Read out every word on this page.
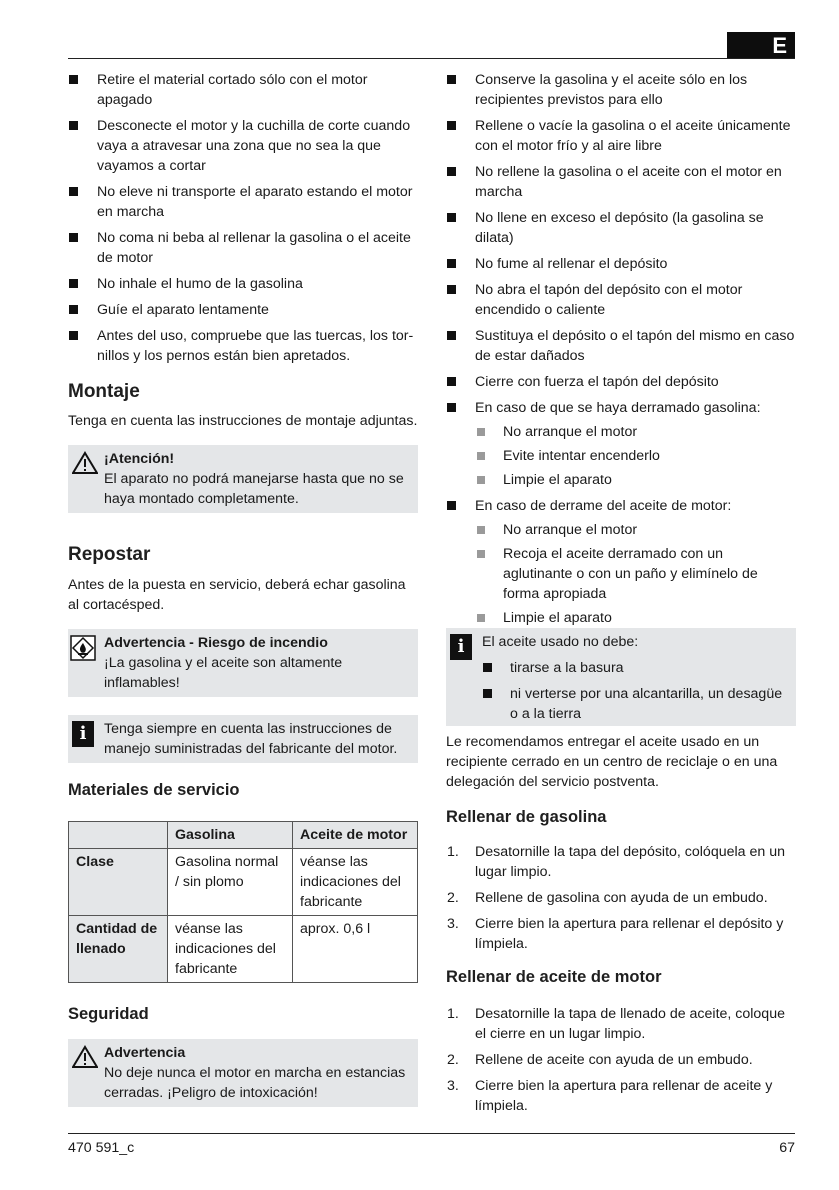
E
Retire el material cortado sólo con el motor apagado
Desconecte el motor y la cuchilla de corte cuando vaya a atravesar una zona que no sea la que vayamos a cortar
No eleve ni transporte el aparato estando el motor en marcha
No coma ni beba al rellenar la gasolina o el aceite de motor
No inhale el humo de la gasolina
Guíe el aparato lentamente
Antes del uso, compruebe que las tuercas, los tor-nillos y los pernos están bien apretados.
Montaje

Tenga en cuenta las instrucciones de montaje adjuntas.

¡Atención!
El aparato no podrá manejarse hasta que no se haya montado completamente.
Repostar

Antes de la puesta en servicio, deberá echar gasolina al cortacésped.

Advertencia - Riesgo de incendio
¡La gasolina y el aceite son altamente inflamables!
i	Tenga siempre en cuenta las instrucciones de manejo suministradas del fabricante del motor.
Materiales de servicio
	Gasolina	Aceite de motor
Clase	Gasolina normal / sin plomo	véanse las indicaciones del fabricante
Cantidad de llenado	véanse las indicaciones del fabricante	aprox. 0,6 l
Seguridad
Advertencia
No deje nunca el motor en marcha en estancias cerradas. ¡Peligro de intoxicación!
Conserve la gasolina y el aceite sólo en los recipientes previstos para ello
Rellene o vacíe la gasolina o el aceite únicamente con el motor frío y al aire libre
No rellene la gasolina o el aceite con el motor en marcha
No llene en exceso el depósito (la gasolina se dilata)
No fume al rellenar el depósito
No abra el tapón del depósito con el motor encendido o caliente
Sustituya el depósito o el tapón del mismo en caso de estar dañados
Cierre con fuerza el tapón del depósito
En caso de que se haya derramado gasolina:
No arranque el motor
Evite intentar encenderlo
Limpie el aparato
En caso de derrame del aceite de motor:
No arranque el motor
Recoja el aceite derramado con un aglutinante o con un paño y elimínelo de forma apropiada
Limpie el aparato
i	El aceite usado no debe:
tirarse a la basura
ni verterse por una alcantarilla, un desagüe o a la tierra

Le recomendamos entregar el aceite usado en un recipiente cerrado en un centro de reciclaje o en una delegación del servicio postventa.

Rellenar de gasolina
1. Desatornille la tapa del depósito, colóquela en un lugar limpio.
2. Rellene de gasolina con ayuda de un embudo.
3. Cierre bien la apertura para rellenar el depósito y límpiela.
Rellenar de aceite de motor
1. Desatornille la tapa de llenado de aceite, coloque el cierre en un lugar limpio.
2. Rellene de aceite con ayuda de un embudo.
3. Cierre bien la apertura para rellenar de aceite y límpiela.
470 591_c	67
